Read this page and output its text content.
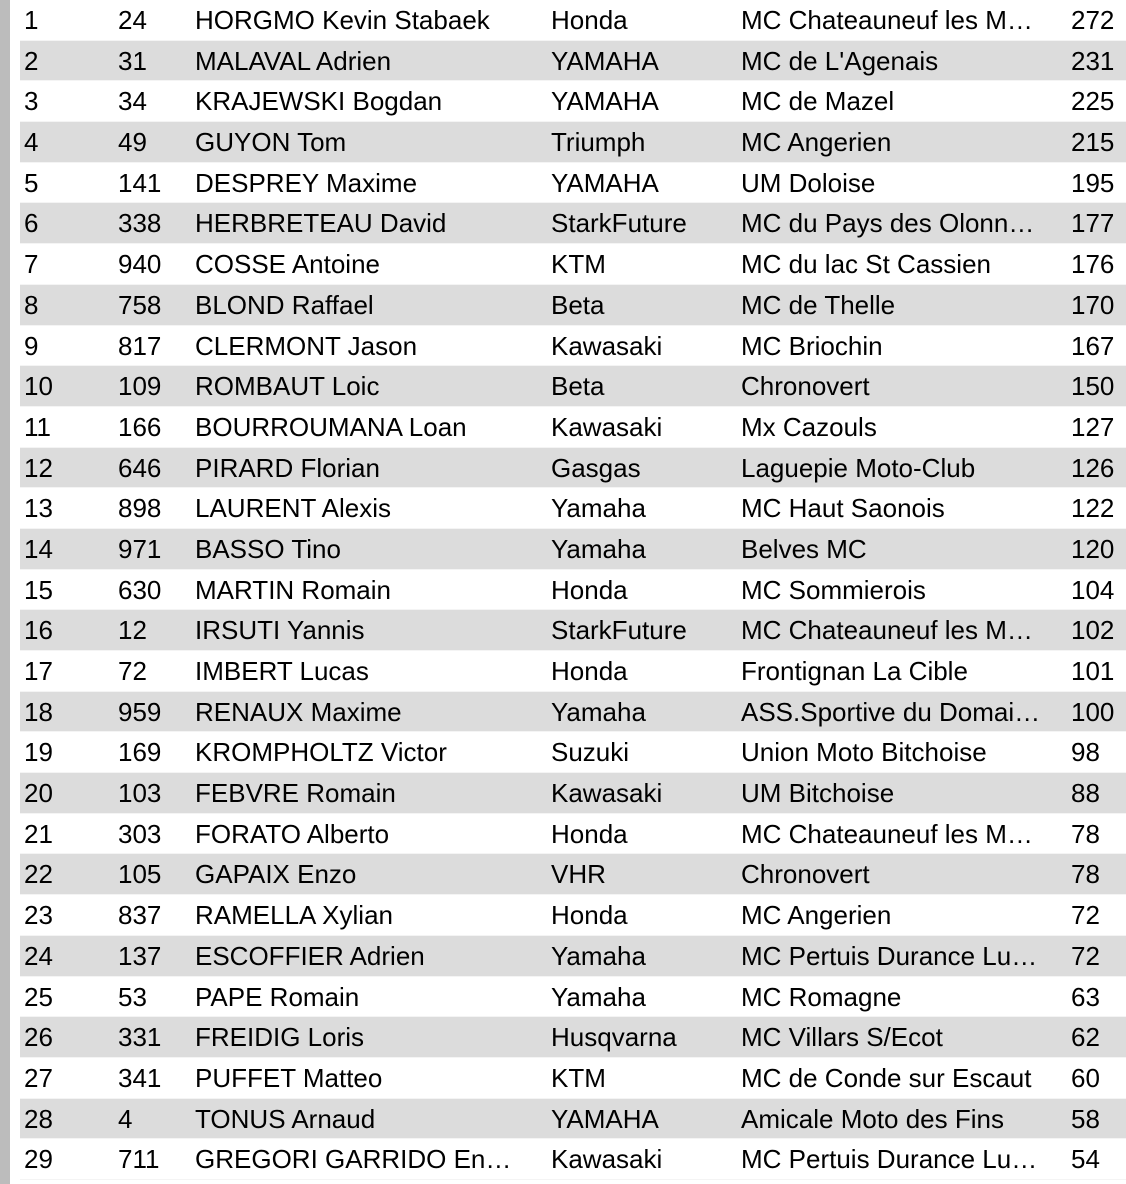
1	24	HORGMO Kevin Stabaek	Honda	MC Chateauneuf les M…	272
2	31	MALAVAL Adrien	YAMAHA	MC de L'Agenais	231
3	34	KRAJEWSKI Bogdan	YAMAHA	MC de Mazel	225
4	49	GUYON Tom	Triumph	MC Angerien	215
5	141	DESPREY Maxime	YAMAHA	UM Doloise	195
6	338	HERBRETEAU David	StarkFuture	MC du Pays des Olonn…	177
7	940	COSSE Antoine	KTM	MC du lac St Cassien	176
8	758	BLOND Raffael	Beta	MC de Thelle	170
9	817	CLERMONT Jason	Kawasaki	MC Briochin	167
10	109	ROMBAUT Loic	Beta	Chronovert	150
11	166	BOURROUMANA Loan	Kawasaki	Mx Cazouls	127
12	646	PIRARD Florian	Gasgas	Laguepie Moto-Club	126
13	898	LAURENT Alexis	Yamaha	MC Haut Saonois	122
14	971	BASSO Tino	Yamaha	Belves MC	120
15	630	MARTIN Romain	Honda	MC Sommierois	104
16	12	IRSUTI Yannis	StarkFuture	MC Chateauneuf les M…	102
17	72	IMBERT Lucas	Honda	Frontignan La Cible	101
18	959	RENAUX Maxime	Yamaha	ASS.Sportive du Domai…	100
19	169	KROMPHOLTZ Victor	Suzuki	Union Moto Bitchoise	98
20	103	FEBVRE Romain	Kawasaki	UM Bitchoise	88
21	303	FORATO Alberto	Honda	MC Chateauneuf les M…	78
22	105	GAPAIX Enzo	VHR	Chronovert	78
23	837	RAMELLA Xylian	Honda	MC Angerien	72
24	137	ESCOFFIER Adrien	Yamaha	MC Pertuis Durance Lu…	72
25	53	PAPE Romain	Yamaha	MC Romagne	63
26	331	FREIDIG Loris	Husqvarna	MC Villars S/Ecot	62
27	341	PUFFET Matteo	KTM	MC de Conde sur Escaut	60
28	4	TONUS Arnaud	YAMAHA	Amicale Moto des Fins	58
29	711	GREGORI GARRIDO En…	Kawasaki	MC Pertuis Durance Lu…	54
